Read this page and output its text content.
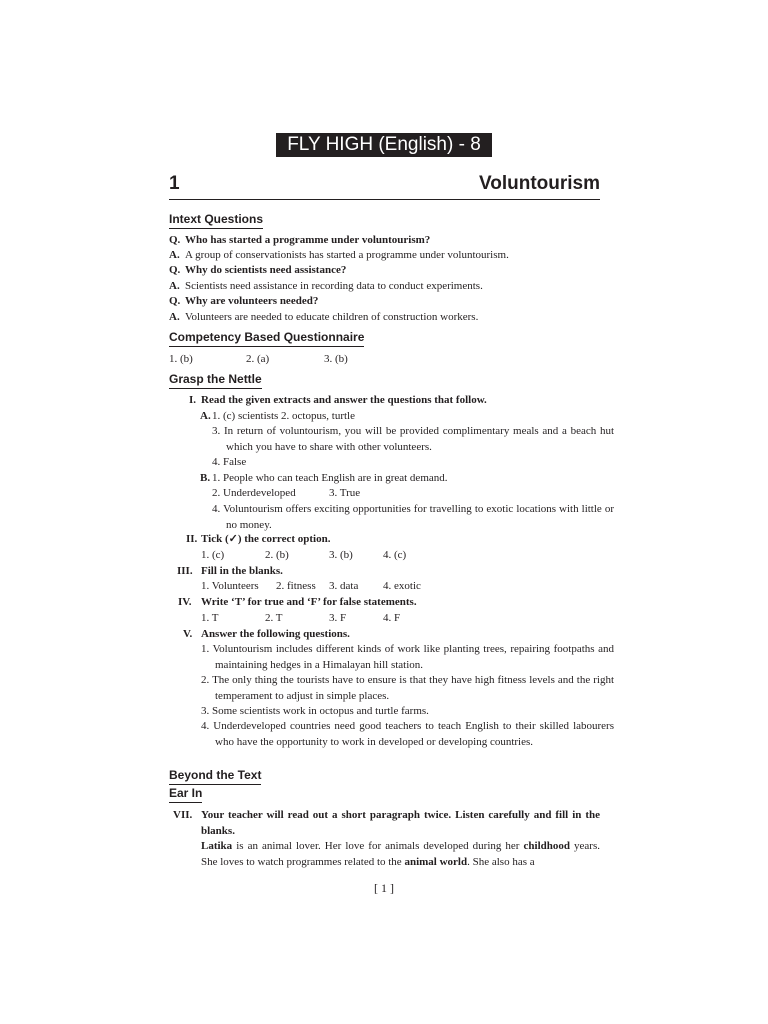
FLY HIGH (English) - 8
1	Voluntourism
Intext Questions
Q. Who has started a programme under voluntourism?
A. A group of conservationists has started a programme under voluntourism.
Q. Why do scientists need assistance?
A. Scientists need assistance in recording data to conduct experiments.
Q. Why are volunteers needed?
A. Volunteers are needed to educate children of construction workers.
Competency Based Questionnaire
1. (b)	2. (a)	3. (b)
Grasp the Nettle
I. Read the given extracts and answer the questions that follow.
A. 1. (c) scientists 2. octopus, turtle
3. In return of voluntourism, you will be provided complimentary meals and a beach hut which you have to share with other volunteers.
4. False
B. 1. People who can teach English are in great demand.
2. Underdeveloped	3. True
4. Voluntourism offers exciting opportunities for travelling to exotic locations with little or no money.
II. Tick (✓) the correct option.
1. (c)	2. (b)	3. (b)	4. (c)
III. Fill in the blanks.
1. Volunteers 2. fitness 3. data 4. exotic
IV. Write ‘T’ for true and ‘F’ for false statements.
1. T	2. T	3. F	4. F
V. Answer the following questions.
1. Voluntourism includes different kinds of work like planting trees, repairing footpaths and maintaining hedges in a Himalayan hill station.
2. The only thing the tourists have to ensure is that they have high fitness levels and the right temperament to adjust in simple places.
3. Some scientists work in octopus and turtle farms.
4. Underdeveloped countries need good teachers to teach English to their skilled labourers who have the opportunity to work in developed or developing countries.
Beyond the Text
Ear In
VII. Your teacher will read out a short paragraph twice. Listen carefully and fill in the blanks.
Latika is an animal lover. Her love for animals developed during her childhood years. She loves to watch programmes related to the animal world. She also has a
[ 1 ]
